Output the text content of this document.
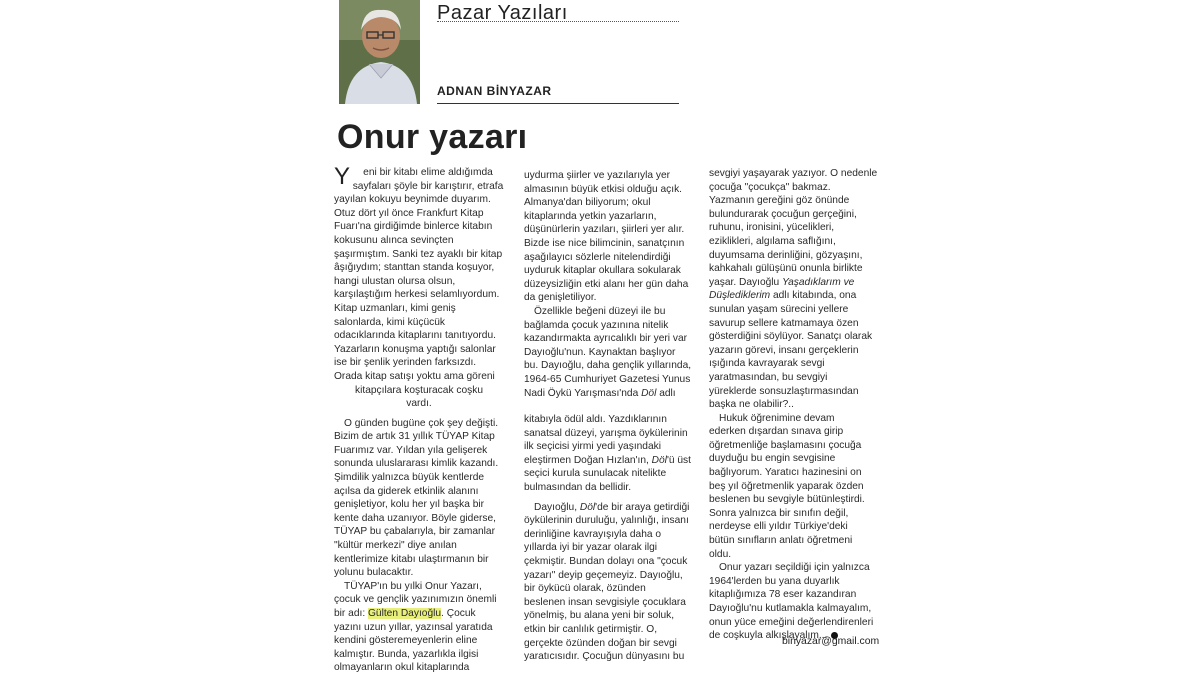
Pazar Yazıları
ADNAN BİNYAZAR
Onur yazarı
Y	eni bir kitabı elime aldığımda

sayfaları şöyle bir karıştırır, etrafa

yayılan kokuyu beynimde duyarım.

Otuz dört yıl önce Frankfurt Kitap

Fuarı'na girdiğimde binlerce kitabın

kokusunu alınca sevinçten

şaşırmıştım. Sanki tez ayaklı bir kitap

âşığıydım; stanttan standa koşuyor,

hangi ulustan olursa olsun,

karşılaştığım herkesi selamlıyordum.

Kitap uzmanları, kimi geniş

salonlarda, kimi küçücük

odacıklarında kitaplarını tanıtıyordu.

Yazarların konuşma yaptığı salonlar

ise bir şenlik yerinden farksızdı.

Orada kitap satışı yoktu ama göreni

kitapçılara koşturacak coşku

vardı.

O günden bugüne çok şey değişti.

Bizim de artık 31 yıllık TÜYAP Kitap

Fuarımız var. Yıldan yıla gelişerek

sonunda uluslararası kimlik kazandı.

Şimdilik yalnızca büyük kentlerde

açılsa da giderek etkinlik alanını

genişletiyor, kolu her yıl başka bir

kente daha uzanıyor. Böyle giderse,

TÜYAP bu çabalarıyla, bir zamanlar

"kültür merkezi" diye anılan

kentlerimize kitabı ulaştırmanın bir

yolunu bulacaktır.

TÜYAP'ın bu yılki Onur Yazarı,

çocuk ve gençlik yazınımızın önemli

bir adı: Gülten Dayıoğlu. Çocuk

yazını uzun yıllar, yazınsal yaratıda

kendini gösteremeyenlerin eline

kalmıştır. Bunda, yazarlıkla ilgisi

olmayanların okul kitaplarında

uydurma şiirler ve yazılarıyla yer

almasının büyük etkisi olduğu açık.

Almanya'dan biliyorum; okul

kitaplarında yetkin yazarların,

düşünürlerin yazıları, şiirleri yer alır.

Bizde ise nice bilimcinin, sanatçının

aşağılayıcı sözlerle nitelendirdiği

uyduruk kitaplar okullara sokularak

düzeysizliğin etki alanı her gün daha

da genişletiliyor.

Özellikle beğeni düzeyi ile bu

bağlamda çocuk yazınına nitelik

kazandırmakta ayrıcalıklı bir yeri var

Dayıoğlu'nun. Kaynaktan başlıyor

bu. Dayıoğlu, daha gençlik yıllarında,

1964-65 Cumhuriyet Gazetesi Yunus

Nadi Öykü Yarışması'nda Döl adlı

kitabıyla ödül aldı. Yazdıklarının

sanatsal düzeyi, yarışma öykülerinin

ilk seçicisi yirmi yedi yaşındaki

eleştirmen Doğan Hızlan'ın, Döl'ü üst

seçici kurula sunulacak nitelikte

bulmasından da bellidir.

Dayıoğlu, Döl'de bir araya getirdiği

öykülerinin duruluğu, yalınlığı, insanı

derinliğine kavrayışıyla daha o

yıllarda iyi bir yazar olarak ilgi

çekmiştir. Bundan dolayı ona "çocuk

yazarı" deyip geçemeyiz. Dayıoğlu,

bir öykücü olarak, özünden

beslenen insan sevgisiyle çocuklara

yönelmiş, bu alana yeni bir soluk,

etkin bir canlılık getirmiştir. O,

gerçekte özünden doğan bir sevgi

yaratıcısıdır. Çocuğun dünyasını bu

sevgiyi yaşayarak yazıyor. O nedenle

çocuğa "çocukça" bakmaz.

Yazmanın gereğini göz önünde

bulundurarak çocuğun gerçeğini,

ruhunu, ironisini, yücelikleri,

eziklikleri, algılama saflığını,

duyumsama derinliğini, gözyaşını,

kahkahalı gülüşünü onunla birlikte

yaşar. Dayıoğlu Yaşadıklarım ve

Düşlediklerim adlı kitabında, ona

sunulan yaşam sürecini yellere

savurup sellere katmamaya özen

gösterdiğini söylüyor. Sanatçı olarak

yazarın görevi, insanı gerçeklerin

ışığında kavrayarak sevgi

yaratmasından, bu sevgiyi

yüreklerde sonsuzlaştırmasından

başka ne olabilir?..

Hukuk öğrenimine devam

ederken dışardan sınava girip

öğretmenliğe başlamasını çocuğa

duyduğu bu engin sevgisine

bağlıyorum. Yaratıcı hazinesini on

beş yıl öğretmenlik yaparak özden

beslenen bu sevgiyle bütünleştirdi.

Sonra yalnızca bir sınıfın değil,

nerdeyse elli yıldır Türkiye'deki

bütün sınıfların anlatı öğretmeni

oldu.

Onur yazarı seçildiği için yalnızca

1964'lerden bu yana duyarlık

kitaplığımıza 78 eser kazandıran

Dayıoğlu'nu kutlamakla kalmayalım,

onun yüce emeğini değerlendirenleri

de coşkuyla alkışlayalım...

binyazar@gmail.com
